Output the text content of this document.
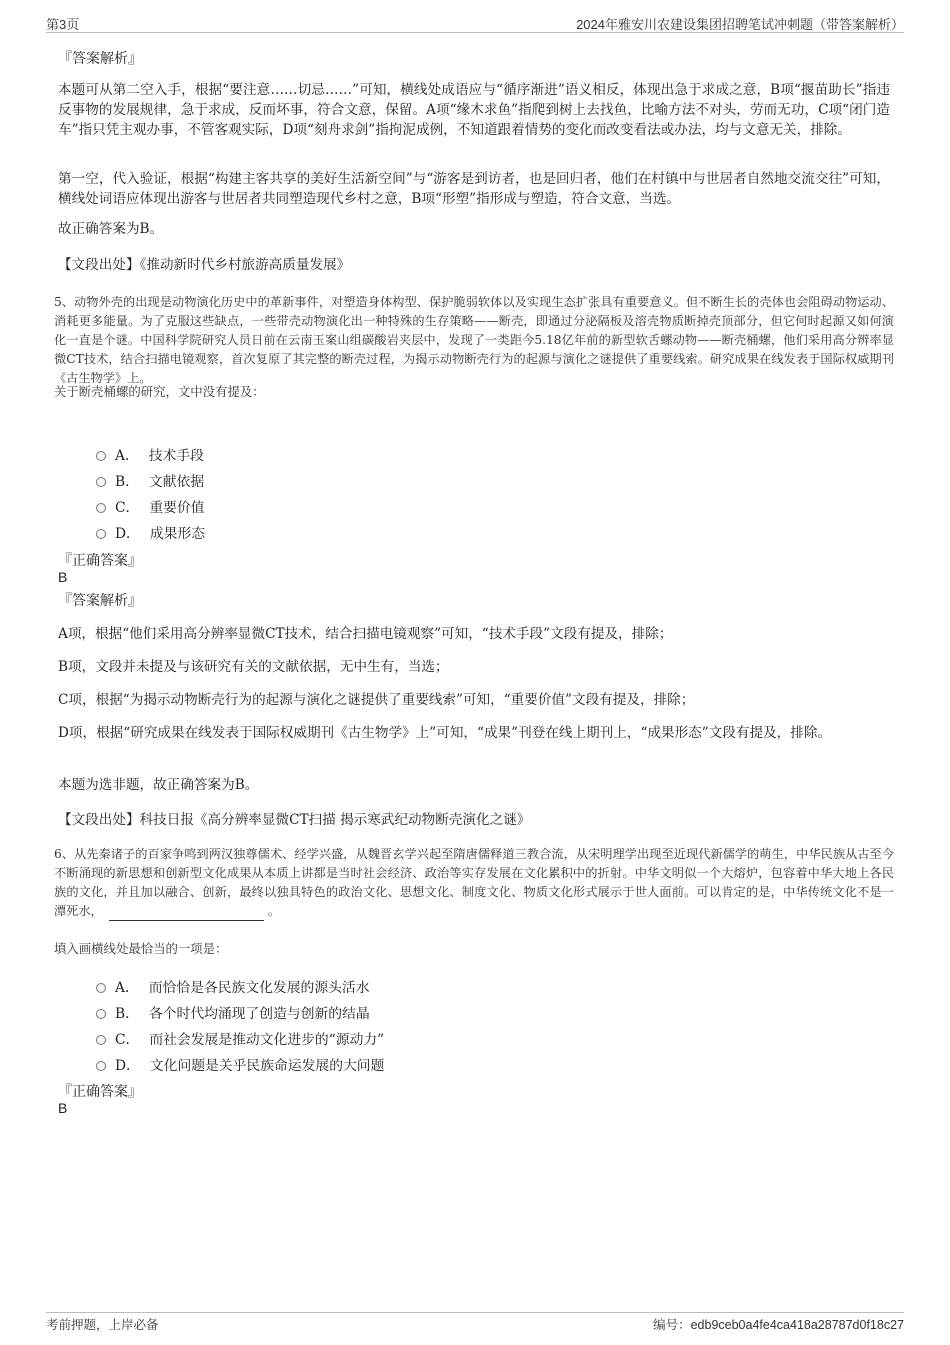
第3页	2024年雅安川农建设集团招聘笔试冲刺题（带答案解析）
『答案解析』
本题可从第二空入手，根据“要注意……切忌……”可知，横线处成语应与“循序渐进”语义相反，体现出急于求成之意，B项“揠苗助长”指违反事物的发展规律，急于求成，反而坏事，符合文意，保留。A项“缘木求鱼”指爬到树上去找鱼，比喻方法不对头，劳而无功，C项“闭门造车”指只凭主观办事，不管客观实际，D项“刻舟求剑”指拘泥成例，不知道跟着情势的变化而改变看法或办法，均与文意无关，排除。
第一空，代入验证，根据“构建主客共享的美好生活新空间”与“游客是到访者，也是回归者，他们在村镇中与世居者自然地交流交往”可知，横线处词语应体现出游客与世居者共同塑造现代乡村之意，B项“形塑”指形成与塑造，符合文意，当选。
故正确答案为B。
【文段出处】《推动新时代乡村旅游高质量发展》
5、动物外壳的出现是动物演化历史中的革新事件，对塑造身体构型、保护脆弱软体以及实现生态扩张具有重要意义。但不断生长的壳体也会阻碍动物运动、消耗更多能量。为了克服这些缺点，一些带壳动物演化出一种特殊的生存策略——断壳，即通过分泌隔板及溶壳物质断掉壳顶部分，但它何时起源又如何演化一直是个谜。中国科学院研究人员日前在云南玉案山组碳酸岩夹层中，发现了一类距今5.18亿年前的新型软舌螺动物——断壳桶螺，他们采用高分辨率显微CT技术，结合扫描电镜观察，首次复原了其完整的断壳过程，为揭示动物断壳行为的起源与演化之谜提供了重要线索。研究成果在线发表于国际权威期刊《古生物学》上。
关于断壳桶螺的研究，文中没有提及：
A． 技术手段
B． 文献依据
C． 重要价值
D． 成果形态
『正确答案』
B
『答案解析』
A项，根据“他们采用高分辨率显微CT技术，结合扫描电镜观察”可知，“技术手段”文段有提及，排除；
B项，文段并未提及与该研究有关的文献依据，无中生有，当选；
C项，根据“为揭示动物断壳行为的起源与演化之谜提供了重要线索”可知，“重要价值”文段有提及，排除；
D项，根据“研究成果在线发表于国际权威期刊《古生物学》上”可知，“成果”刊登在线上期刊上，“成果形态”文段有提及，排除。
本题为选非题，故正确答案为B。
【文段出处】科技日报《高分辨率显微CT扫描 揭示寒武纪动物断壳演化之谜》
6、从先秦诸子的百家争鸣到两汉独尊儒术、经学兴盛，从魏晋玄学兴起至隋唐儒释道三教合流，从宋明理学出现至近现代新儒学的萌生，中华民族从古至今不断涌现的新思想和创新型文化成果从本质上讲都是当时社会经济、政治等实存发展在文化累积中的折射。中华文明似一个大熔炉，包容着中华大地上各民族的文化，并且加以融合、创新，最终以独具特色的政治文化、思想文化、制度文化、物质文化形式展示于世人面前。可以肯定的是，中华传统文化不是一潭死水，	。
填入画横线处最恰当的一项是：
A． 而恰恰是各民族文化发展的源头活水
B． 各个时代均涌现了创造与创新的结晶
C． 而社会发展是推动文化进步的“源动力”
D． 文化问题是关乎民族命运发展的大问题
『正确答案』
B
考前押题，上岸必备	编号：edb9ceb0a4fe4ca418a28787d0f18c27
